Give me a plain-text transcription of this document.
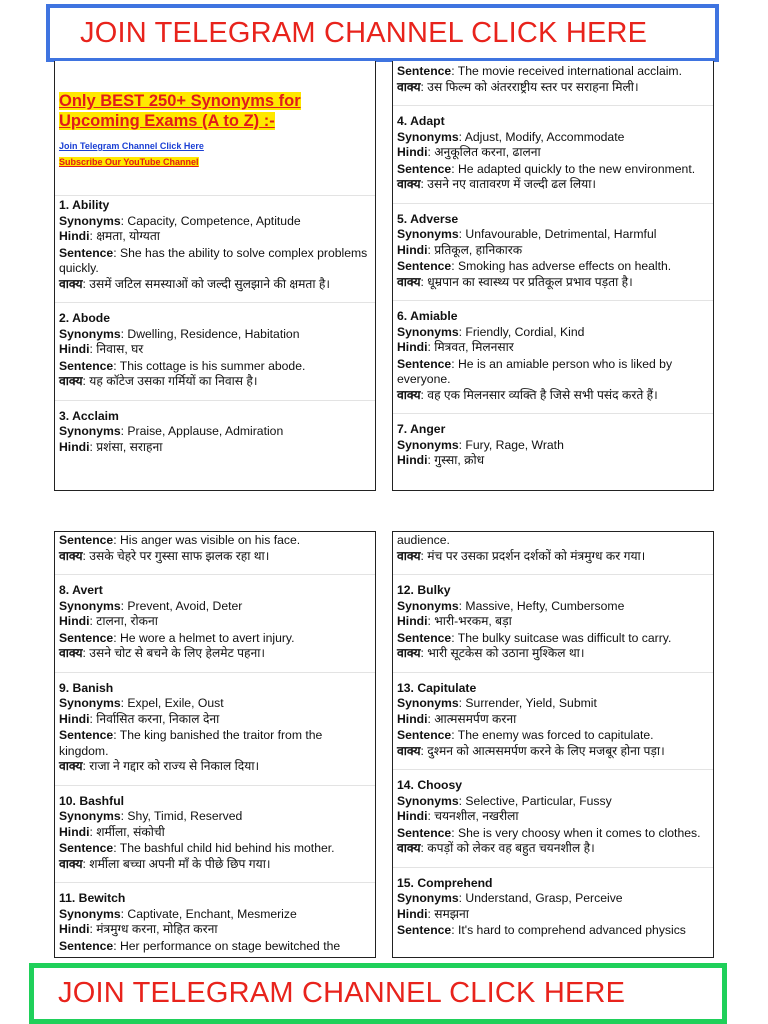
JOIN TELEGRAM CHANNEL CLICK HERE
Only BEST 250+ Synonyms for
Upcoming Exams (A to Z) :-

Join Telegram Channel Click Here

Subscribe Our YouTube Channel

1. Ability

Synonyms: Capacity, Competence, Aptitude

Hindi: क्षमता, योग्यता

Sentence: She has the ability to solve complex problems quickly.

वाक्य: उसमें जटिल समस्याओं को जल्दी सुलझाने की क्षमता है।

2. Abode

Synonyms: Dwelling, Residence, Habitation

Hindi: निवास, घर

Sentence: This cottage is his summer abode.

वाक्य: यह कॉटेज उसका गर्मियों का निवास है।

3. Acclaim

Synonyms: Praise, Applause, Admiration

Hindi: प्रशंसा, सराहना

Sentence: The movie received international acclaim.

वाक्य: उस फिल्म को अंतरराष्ट्रीय स्तर पर सराहना मिली।

4. Adapt

Synonyms: Adjust, Modify, Accommodate

Hindi: अनुकूलित करना, ढालना

Sentence: He adapted quickly to the new environment.

वाक्य: उसने नए वातावरण में जल्दी ढल लिया।

5. Adverse

Synonyms: Unfavourable, Detrimental, Harmful

Hindi: प्रतिकूल, हानिकारक

Sentence: Smoking has adverse effects on health.

वाक्य: धूम्रपान का स्वास्थ्य पर प्रतिकूल प्रभाव पड़ता है।

6. Amiable

Synonyms: Friendly, Cordial, Kind

Hindi: मित्रवत, मिलनसार

Sentence: He is an amiable person who is liked by everyone.

वाक्य: वह एक मिलनसार व्यक्ति है जिसे सभी पसंद करते हैं।

7. Anger

Synonyms: Fury, Rage, Wrath

Hindi: गुस्सा, क्रोध

Sentence: His anger was visible on his face.

वाक्य: उसके चेहरे पर गुस्सा साफ झलक रहा था।

8. Avert

Synonyms: Prevent, Avoid, Deter

Hindi: टालना, रोकना

Sentence: He wore a helmet to avert injury.

वाक्य: उसने चोट से बचने के लिए हेलमेट पहना।

9. Banish

Synonyms: Expel, Exile, Oust

Hindi: निर्वासित करना, निकाल देना

Sentence: The king banished the traitor from the kingdom.

वाक्य: राजा ने गद्दार को राज्य से निकाल दिया।

10. Bashful

Synonyms: Shy, Timid, Reserved

Hindi: शर्मीला, संकोची

Sentence: The bashful child hid behind his mother.

वाक्य: शर्मीला बच्चा अपनी माँ के पीछे छिप गया।

11. Bewitch

Synonyms: Captivate, Enchant, Mesmerize

Hindi: मंत्रमुग्ध करना, मोहित करना

Sentence: Her performance on stage bewitched the

audience.

वाक्य: मंच पर उसका प्रदर्शन दर्शकों को मंत्रमुग्ध कर गया।

12. Bulky

Synonyms: Massive, Hefty, Cumbersome

Hindi: भारी-भरकम, बड़ा

Sentence: The bulky suitcase was difficult to carry.

वाक्य: भारी सूटकेस को उठाना मुश्किल था।

13. Capitulate

Synonyms: Surrender, Yield, Submit

Hindi: आत्मसमर्पण करना

Sentence: The enemy was forced to capitulate.

वाक्य: दुश्मन को आत्मसमर्पण करने के लिए मजबूर होना पड़ा।

14. Choosy

Synonyms: Selective, Particular, Fussy

Hindi: चयनशील, नखरीला

Sentence: She is very choosy when it comes to clothes.

वाक्य: कपड़ों को लेकर वह बहुत चयनशील है।

15. Comprehend

Synonyms: Understand, Grasp, Perceive

Hindi: समझना

Sentence: It's hard to comprehend advanced physics

JOIN TELEGRAM CHANNEL CLICK HERE
